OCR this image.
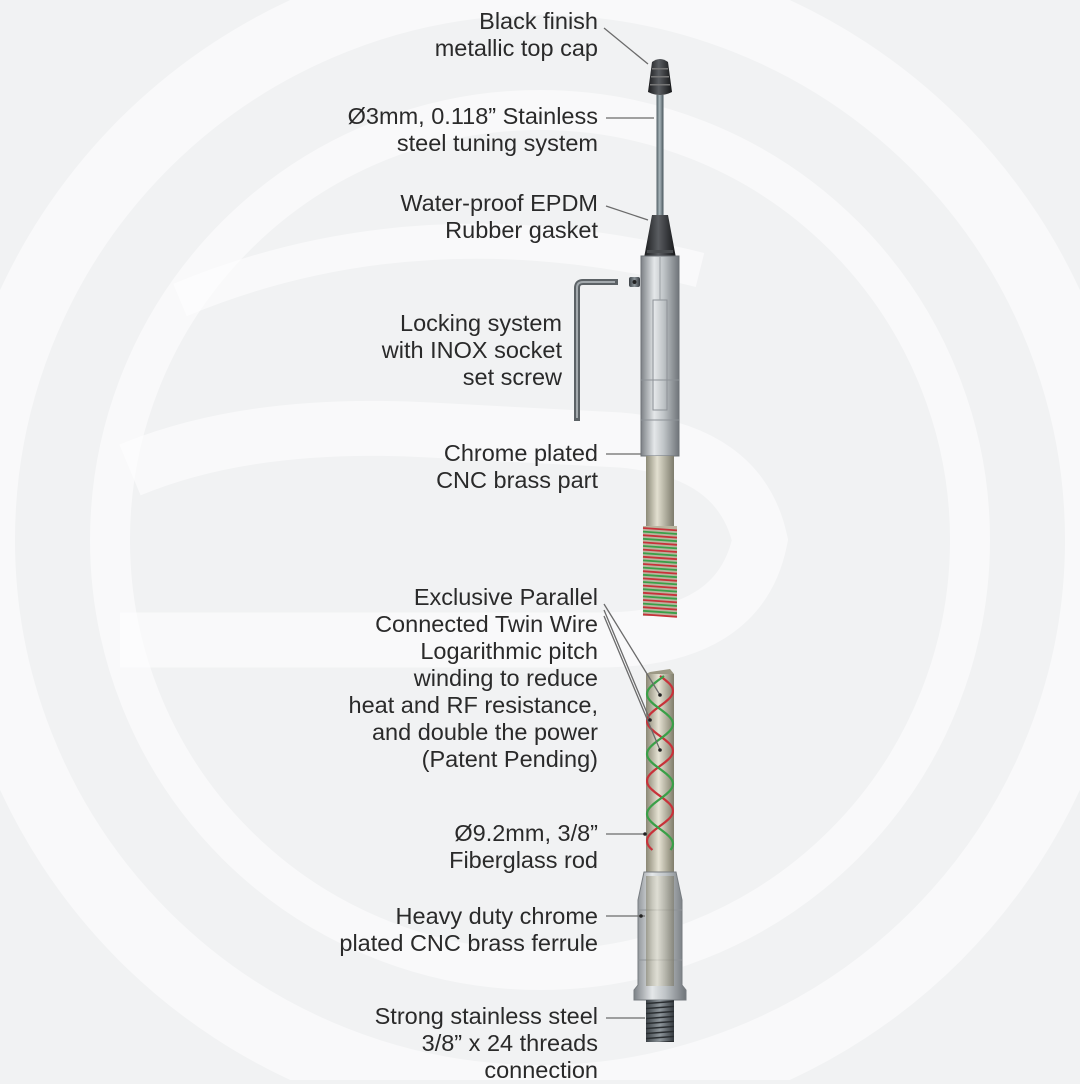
Black finish
metallic top cap
Ø3mm, 0.118” Stainless
steel tuning system
Water-proof EPDM
Rubber gasket
Locking system
with INOX socket
set screw
Chrome plated
CNC brass part
Exclusive Parallel
Connected Twin Wire
Logarithmic pitch
winding to reduce
heat and RF resistance,
and double the power
(Patent Pending)
Ø9.2mm, 3/8”
Fiberglass rod
Heavy duty chrome
plated CNC brass ferrule
Strong stainless steel
3/8” x 24 threads
connection
